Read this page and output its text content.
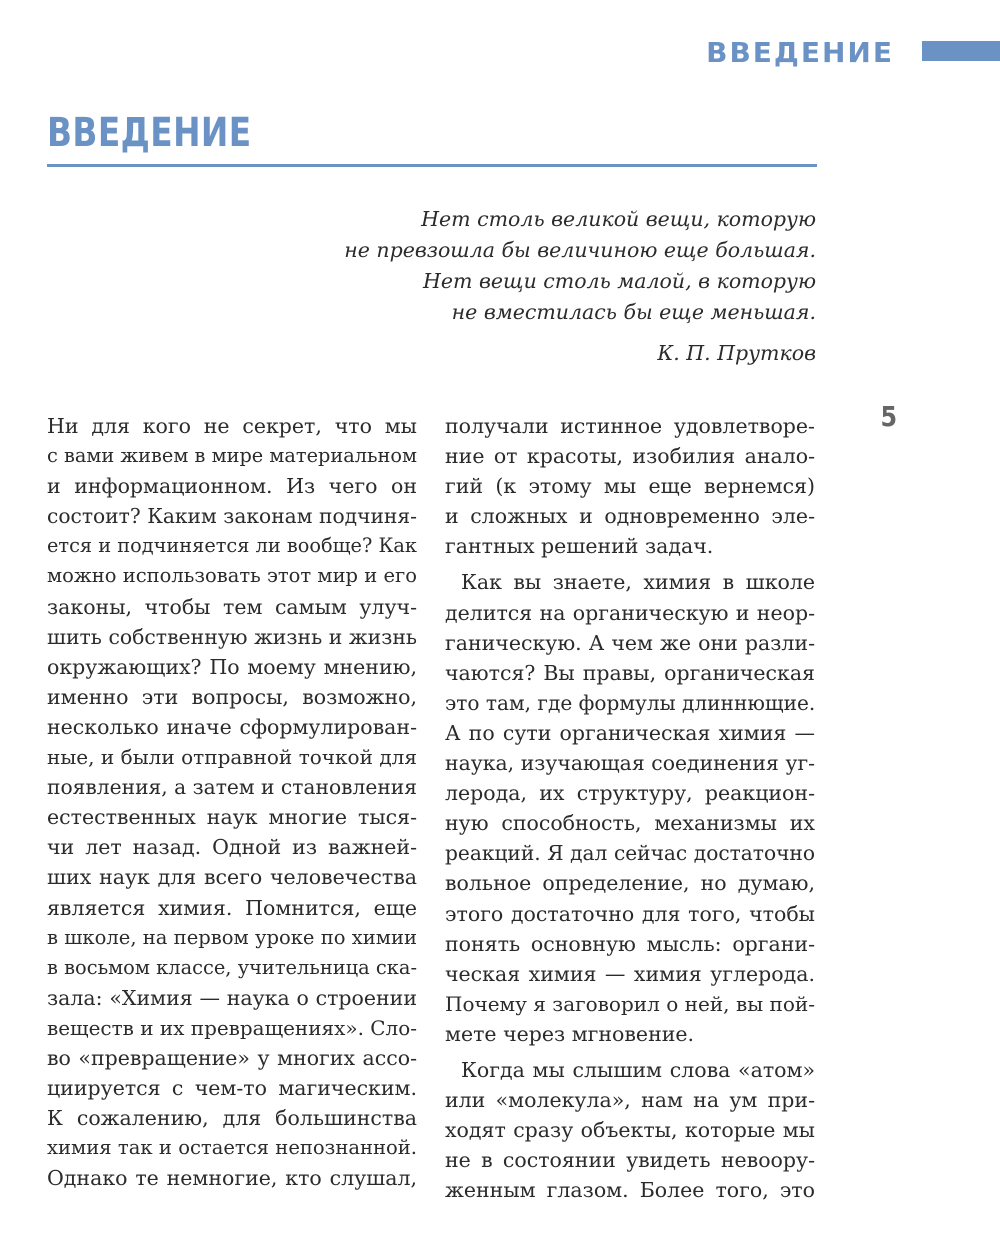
ВВЕДЕНИЕ
ВВЕДЕНИЕ
Нет столь великой вещи, которую
не превзошла бы величиною еще большая.
Нет вещи столь малой, в которую
не вместилась бы еще меньшая.
К. П. Прутков
5
Ни для кого не секрет, что мы
с вами живем в мире материальном
и информационном. Из чего он
состоит? Каким законам подчиня-
ется и подчиняется ли вообще? Как
можно использовать этот мир и его
законы, чтобы тем самым улуч-
шить собственную жизнь и жизнь
окружающих? По моему мнению,
именно эти вопросы, возможно,
несколько иначе сформулирован-
ные, и были отправной точкой для
появления, а затем и становления
естественных наук многие тыся-
чи лет назад. Одной из важней-
ших наук для всего человечества
является химия. Помнится, еще
в школе, на первом уроке по химии
в восьмом классе, учительница ска-
зала: «Химия — наука о строении
веществ и их превращениях». Сло-
во «превращение» у многих ассо-
циируется с чем-то магическим.
К сожалению, для большинства
химия так и остается непознанной.
Однако те немногие, кто слушал,
получали истинное удовлетворе-
ние от красоты, изобилия анало-
гий (к этому мы еще вернемся)
и сложных и одновременно эле-
гантных решений задач.
Как вы знаете, химия в школе
делится на органическую и неор-
ганическую. А чем же они разли-
чаются? Вы правы, органическая
это там, где формулы длиннющие.
А по сути органическая химия —
наука, изучающая соединения уг-
лерода, их структуру, реакцион-
ную способность, механизмы их
реакций. Я дал сейчас достаточно
вольное определение, но думаю,
этого достаточно для того, чтобы
понять основную мысль: органи-
ческая химия — химия углерода.
Почему я заговорил о ней, вы пой-
мете через мгновение.
Когда мы слышим слова «атом»
или «молекула», нам на ум при-
ходят сразу объекты, которые мы
не в состоянии увидеть невоору-
женным глазом. Более того, это
